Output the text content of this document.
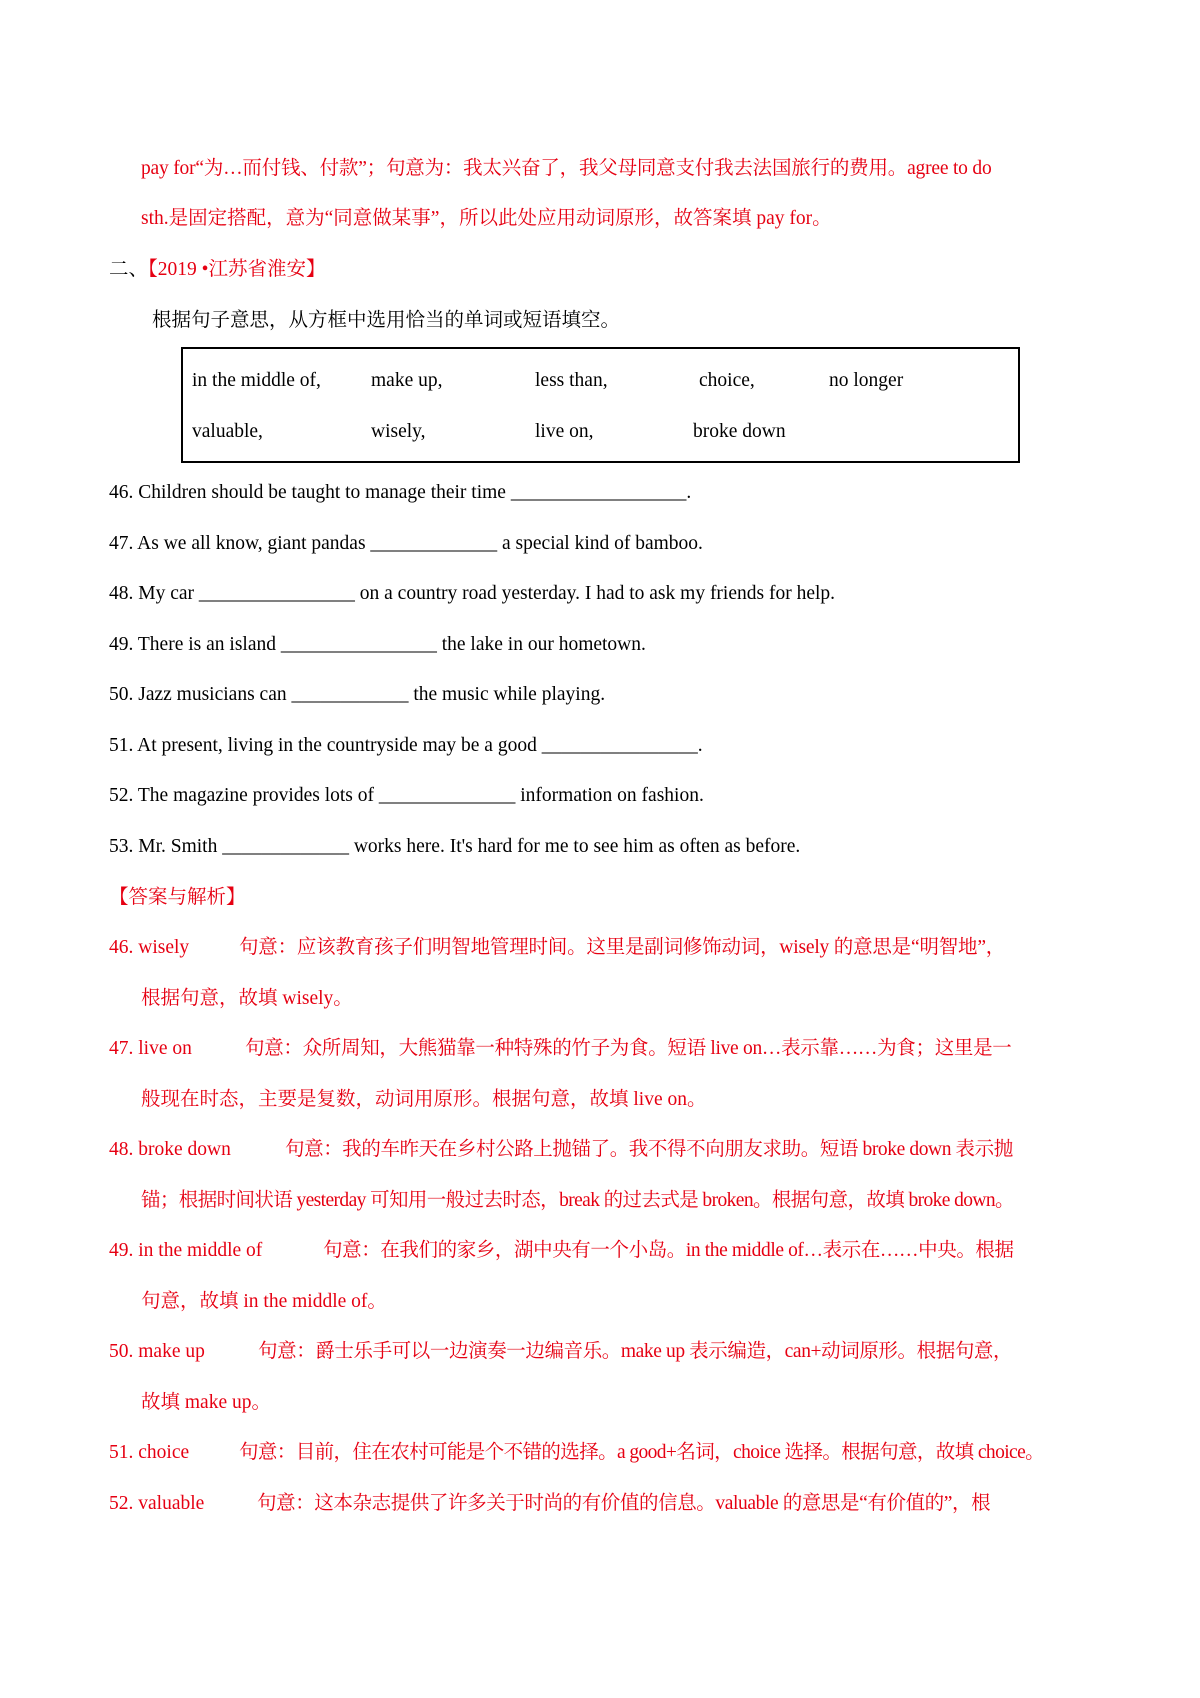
pay for“为…而付钱、付款”；句意为：我太兴奋了，我父母同意支付我去法国旅行的费用。agree to do
sth.是固定搭配，意为“同意做某事”，所以此处应用动词原形，故答案填 pay for。
二、【2019 •江苏省淮安】
根据句子意思，从方框中选用恰当的单词或短语填空。
in the middle of,	make up,	less than,	choice,	no longer
valuable,	wisely,	live on,	broke down
46. Children should be taught to manage their time __________________.
47. As we all know, giant pandas _____________ a special kind of bamboo.
48. My car ________________ on a country road yesterday. I had to ask my friends for help.
49. There is an island ________________ the lake in our hometown.
50. Jazz musicians can ____________ the music while playing.
51. At present, living in the countryside may be a good ________________.
52. The magazine provides lots of ______________ information on fashion.
53. Mr. Smith _____________ works here. It's hard for me to see him as often as before.
【答案与解析】
46. wisely	句意：应该教育孩子们明智地管理时间。这里是副词修饰动词，wisely 的意思是“明智地”，
根据句意，故填 wisely。
47. live on	句意：众所周知，大熊猫靠一种特殊的竹子为食。短语 live on…表示靠……为食；这里是一
般现在时态，主要是复数，动词用原形。根据句意，故填 live on。
48. broke down	句意：我的车昨天在乡村公路上抛锚了。我不得不向朋友求助。短语 broke down 表示抛
锚；根据时间状语 yesterday 可知用一般过去时态，break 的过去式是 broken。根据句意，故填 broke down。
49. in the middle of	句意：在我们的家乡，湖中央有一个小岛。in the middle of…表示在……中央。根据
句意，故填 in the middle of。
50. make up	句意：爵士乐手可以一边演奏一边编音乐。make up 表示编造，can+动词原形。根据句意，
故填 make up。
51. choice	句意：目前，住在农村可能是个不错的选择。a good+名词，choice 选择。根据句意，故填 choice。
52. valuable	句意：这本杂志提供了许多关于时尚的有价值的信息。valuable 的意思是“有价值的”，根
